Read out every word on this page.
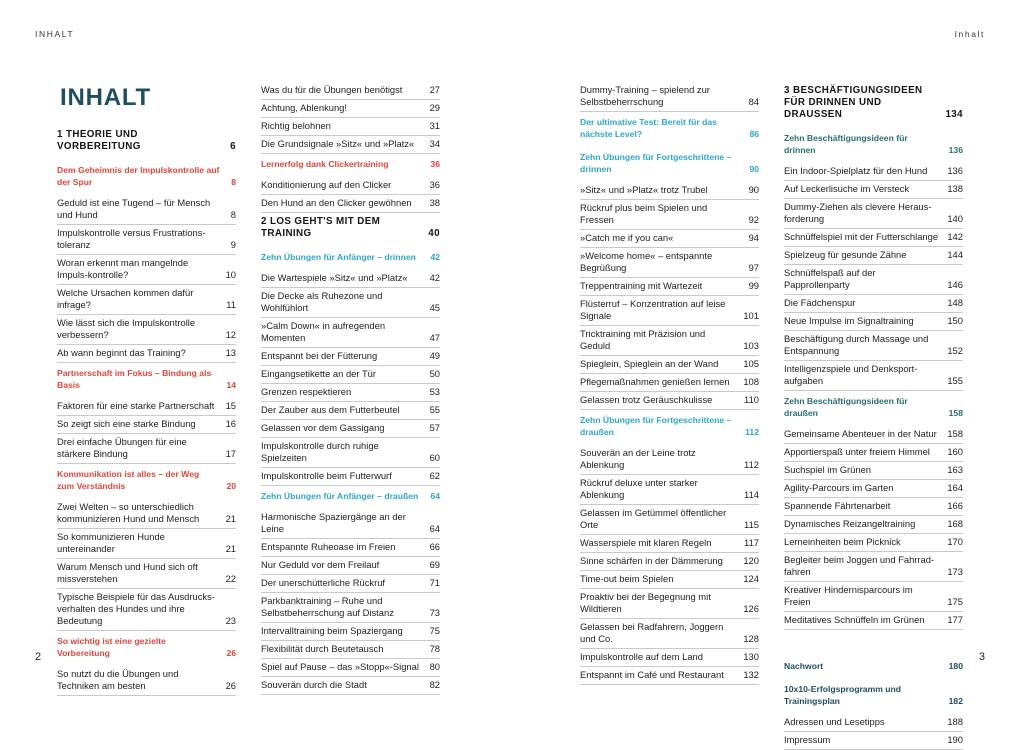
INHALT	Inhalt
INHALT
1 THEORIE UND VORBEREITUNG	6
Dem Geheimnis der Impulskontrolle auf der Spur	8
Geduld ist eine Tugend – für Mensch und Hund	8
Impulskontrolle versus Frustrations-toleranz	9
Woran erkennt man mangelnde Impuls-kontrolle?	10
Welche Ursachen kommen dafür infrage?	11
Wie lässt sich die Impulskontrolle verbessern?	12
Ab wann beginnt das Training?	13
Partnerschaft im Fokus – Bindung als Basis	14
Faktoren für eine starke Partnerschaft	15
So zeigt sich eine starke Bindung	16
Drei einfache Übungen für eine stärkere Bindung	17
Kommunikation ist alles – der Weg zum Verständnis	20
Zwei Welten – so unterschiedlich kommunizieren Hund und Mensch	21
So kommunizieren Hunde untereinander	21
Warum Mensch und Hund sich oft missverstehen	22
Typische Beispiele für das Ausdrucks-verhalten des Hundes und ihre Bedeutung	23
So wichtig ist eine gezielte Vorbereitung	26
So nutzt du die Übungen und Techniken am besten	26
Was du für die Übungen benötigst	27
Achtung, Ablenkung!	29
Richtig belohnen	31
Die Grundsignale »Sitz« und »Platz«	34
Lernerfolg dank Clickertraining	36
Konditionierung auf den Clicker	36
Den Hund an den Clicker gewöhnen	38
2 LOS GEHT'S MIT DEM TRAINING	40
Zehn Übungen für Anfänger – drinnen	42
Die Wartespiele »Sitz« und »Platz«	42
Die Decke als Ruhezone und Wohlfühlort	45
»Calm Down« in aufregenden Momenten	47
Entspannt bei der Fütterung	49
Eingangsetikette an der Tür	50
Grenzen respektieren	53
Der Zauber aus dem Futterbeutel	55
Gelassen vor dem Gassigang	57
Impulskontrolle durch ruhige Spielzeiten	60
Impulskontrolle beim Futterwurf	62
Zehn Übungen für Anfänger – draußen	64
Harmonische Spaziergänge an der Leine	64
Entspannte Ruheoase im Freien	66
Nur Geduld vor dem Freilauf	69
Der unerschütterliche Rückruf	71
Parkbanktraining – Ruhe und Selbstbeherrschung auf Distanz	73
Intervalltraining beim Spaziergang	75
Flexibilität durch Beutetausch	78
Spiel auf Pause – das »Stopp«-Signal	80
Souverän durch die Stadt	82
Dummy-Training – spielend zur Selbstbeherrschung	84
Der ultimative Test: Bereit für das nächste Level?	86
Zehn Übungen für Fortgeschrittene – drinnen	90
»Sitz« und »Platz« trotz Trubel	90
Rückruf plus beim Spielen und Fressen	92
»Catch me if you can«	94
»Welcome home« – entspannte Begrüßung	97
Treppentraining mit Wartezeit	99
Flüsterruf – Konzentration auf leise Signale	101
Tricktraining mit Präzision und Geduld	103
Spieglein, Spieglein an der Wand	105
Pflegemaßnahmen genießen lernen	108
Gelassen trotz Geräuschkulisse	110
Zehn Übungen für Fortgeschrittene – draußen	112
Souverän an der Leine trotz Ablenkung	112
Rückruf deluxe unter starker Ablenkung	114
Gelassen im Getümmel öffentlicher Orte	115
Wasserspiele mit klaren Regeln	117
Sinne schärfen in der Dämmerung	120
Time-out beim Spielen	124
Proaktiv bei der Begegnung mit Wildtieren	126
Gelassen bei Radfahrern, Joggern und Co.	128
Impulskontrolle auf dem Land	130
Entspannt im Café und Restaurant	132
3 BESCHÄFTIGUNGSIDEEN FÜR DRINNEN UND DRAUSSEN	134
Zehn Beschäftigungsideen für drinnen	136
Ein Indoor-Spielplatz für den Hund	136
Auf Leckerlisuche im Versteck	138
Dummy-Ziehen als clevere Heraus-forderung	140
Schnüffelspiel mit der Futterschlange 142
Spielzeug für gesunde Zähne	144
Schnüffelspaß auf der Papprollenparty	146
Die Fädchenspur	148
Neue Impulse im Signaltraining	150
Beschäftigung durch Massage und Entspannung	152
Intelligenzspiele und Denksport-aufgaben	155
Zehn Beschäftigungsideen für draußen	158
Gemeinsame Abenteuer in der Natur	158
Apportierspaß unter freiem Himmel	160
Suchspiel im Grünen	163
Agility-Parcours im Garten	164
Spannende Fährtenarbeit	166
Dynamisches Reizangeltraining	168
Lerneinheiten beim Picknick	170
Begleiter beim Joggen und Fahrrad-fahren	173
Kreativer Hindernisparcours im Freien	175
Meditatives Schnüffeln im Grünen	177
Nachwort	180
10x10-Erfolgsprogramm und Trainingsplan	182
Adressen und Lesetipps	188
Impressum	190
2	3
